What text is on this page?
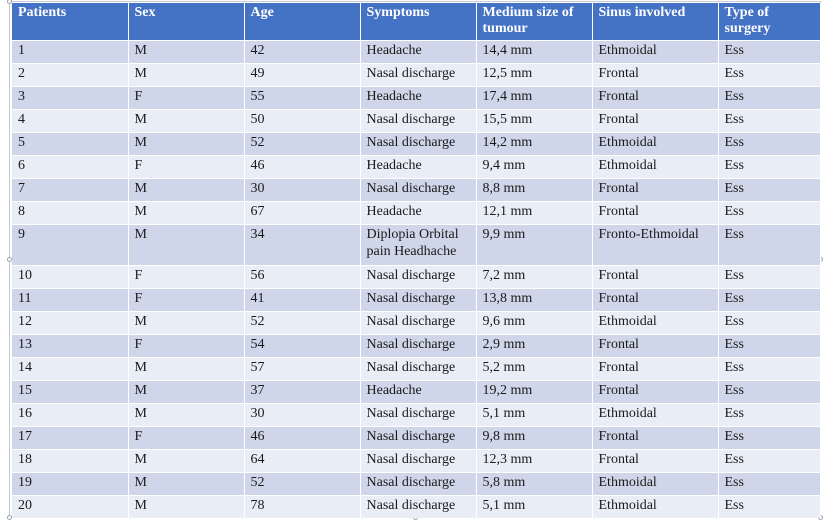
Patients	Sex	Age	Symptoms	Medium size of tumour	Sinus involved	Type of surgery
1	M	42	Headache	14,4 mm	Ethmoidal	Ess
2	M	49	Nasal discharge	12,5 mm	Frontal	Ess
3	F	55	Headache	17,4 mm	Frontal	Ess
4	M	50	Nasal discharge	15,5 mm	Frontal	Ess
5	M	52	Nasal discharge	14,2 mm	Ethmoidal	Ess
6	F	46	Headache	9,4 mm	Ethmoidal	Ess
7	M	30	Nasal discharge	8,8 mm	Frontal	Ess
8	M	67	Headache	12,1 mm	Frontal	Ess
9	M	34	Diplopia Orbital pain Headhache	9,9 mm	Fronto-Ethmoidal	Ess
10	F	56	Nasal discharge	7,2 mm	Frontal	Ess
11	F	41	Nasal discharge	13,8 mm	Frontal	Ess
12	M	52	Nasal discharge	9,6 mm	Ethmoidal	Ess
13	F	54	Nasal discharge	2,9 mm	Frontal	Ess
14	M	57	Nasal discharge	5,2 mm	Frontal	Ess
15	M	37	Headache	19,2 mm	Frontal	Ess
16	M	30	Nasal discharge	5,1 mm	Ethmoidal	Ess
17	F	46	Nasal discharge	9,8 mm	Frontal	Ess
18	M	64	Nasal discharge	12,3 mm	Frontal	Ess
19	M	52	Nasal discharge	5,8 mm	Ethmoidal	Ess
20	M	78	Nasal discharge	5,1 mm	Ethmoidal	Ess
